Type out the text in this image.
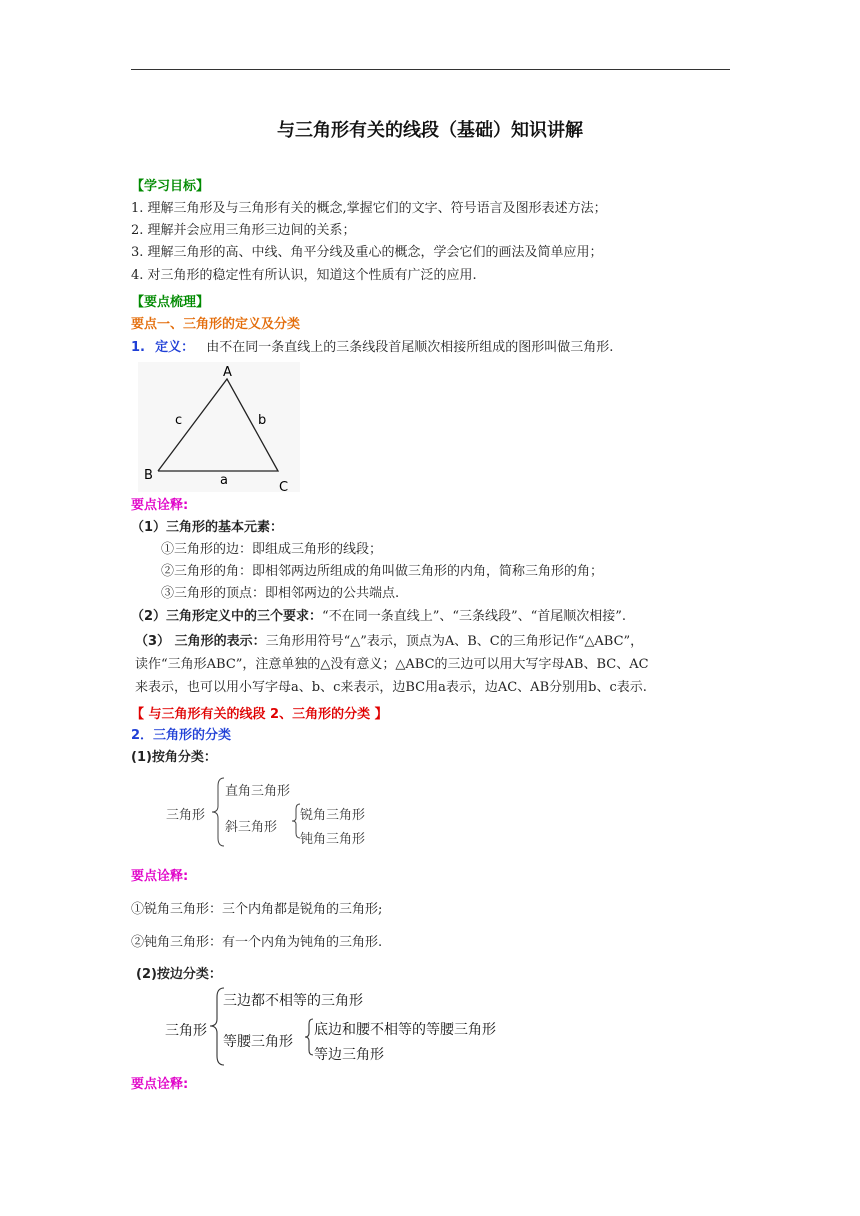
与三角形有关的线段（基础）知识讲解
【学习目标】
1. 理解三角形及与三角形有关的概念,掌握它们的文字、符号语言及图形表述方法；
2. 理解并会应用三角形三边间的关系；
3. 理解三角形的高、中线、角平分线及重心的概念，学会它们的画法及简单应用；
4. 对三角形的稳定性有所认识，知道这个性质有广泛的应用.
【要点梳理】
要点一、三角形的定义及分类
1. 定义： 由不在同一条直线上的三条线段首尾顺次相接所组成的图形叫做三角形.
A
B
C
a
b
c
要点诠释:
（1）三角形的基本元素：
①三角形的边：即组成三角形的线段；
②三角形的角：即相邻两边所组成的角叫做三角形的内角，简称三角形的角；
③三角形的顶点：即相邻两边的公共端点.
（2）三角形定义中的三个要求：“不在同一条直线上”、“三条线段”、“首尾顺次相接”.
（3） 三角形的表示：三角形用符号“△”表示，顶点为A、B、C的三角形记作“△ABC”，
读作“三角形ABC”，注意单独的△没有意义；△ABC的三边可以用大写字母AB、BC、AC
来表示，也可以用小写字母a、b、c来表示，边BC用a表示，边AC、AB分别用b、c表示.
【 与三角形有关的线段 2、三角形的分类 】
2．三角形的分类
(1)按角分类：
三角形
直角三角形
斜三角形
锐角三角形
钝角三角形
要点诠释:
①锐角三角形：三个内角都是锐角的三角形;
②钝角三角形：有一个内角为钝角的三角形.
(2)按边分类：
三角形
三边都不相等的三角形
等腰三角形
底边和腰不相等的等腰三角形
等边三角形
要点诠释:
